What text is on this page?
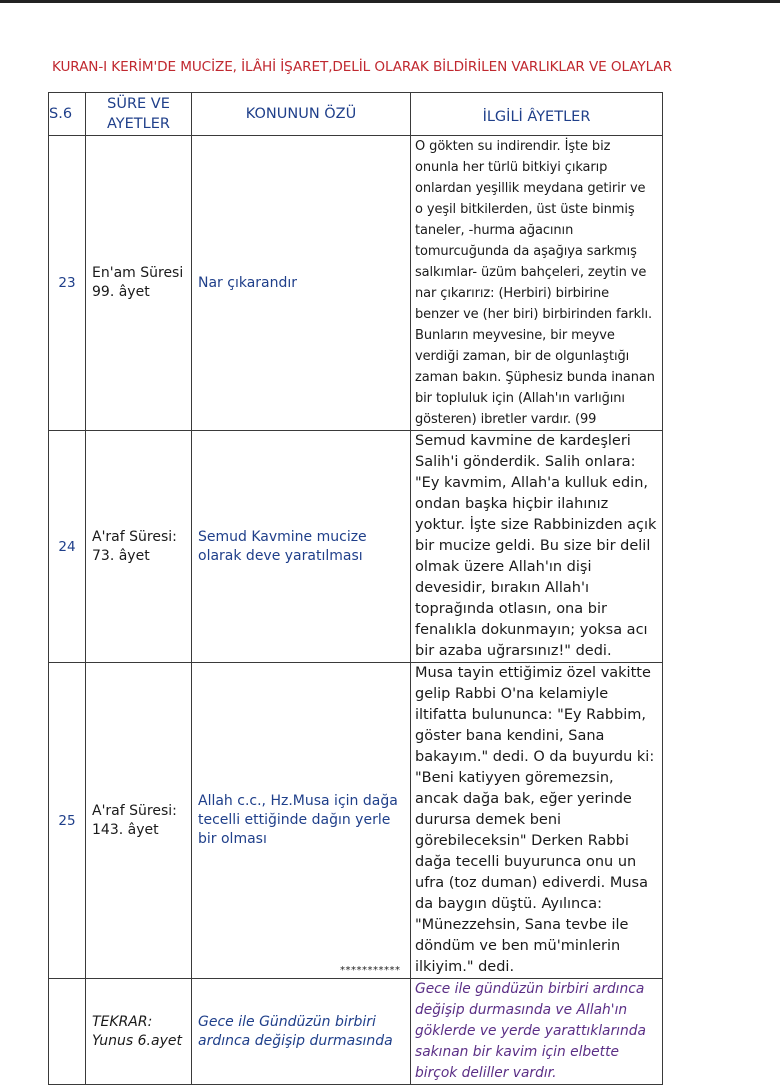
KURAN-I KERİM'DE MUCİZE, İLÂHİ İŞARET,DELİL OLARAK BİLDİRİLEN VARLIKLAR VE OLAYLAR
S.6	SÜRE VE AYETLER	KONUNUN ÖZÜ	İLGİLİ ÂYETLER
23	En'am Süresi 99. âyet	Nar çıkarandır	O gökten su indirendir. İşte biz onunla her türlü bitkiyi çıkarıp onlardan yeşillik meydana getirir ve o yeşil bitkilerden, üst üste binmiş taneler, -hurma ağacının tomurcuğunda da aşağıya sarkmış salkımlar- üzüm bahçeleri, zeytin ve nar çıkarırız: (Herbiri) birbirine benzer ve (her biri) birbirinden farklı. Bunların meyvesine, bir meyve verdiği zaman, bir de olgunlaştığı zaman bakın. Şüphesiz bunda inanan bir topluluk için (Allah'ın varlığını gösteren) ibretler vardır. (99
24	A'raf Süresi: 73. âyet	Semud Kavmine mucize olarak deve yaratılması	Semud kavmine de kardeşleri Salih'i gönderdik. Salih onlara: "Ey kavmim, Allah'a kulluk edin, ondan başka hiçbir ilahınız yoktur. İşte size Rabbinizden açık bir mucize geldi. Bu size bir delil olmak üzere Allah'ın dişi devesidir, bırakın Allah'ı toprağında otlasın, ona bir fenalıkla dokunmayın; yoksa acı bir azaba uğrarsınız!" dedi.
25	A'raf Süresi: 143. âyet	Allah c.c., Hz.Musa için dağa tecelli ettiğinde dağın yerle bir olması	Musa tayin ettiğimiz özel vakitte gelip Rabbi O'na kelamiyle iltifatta bulununca: "Ey Rabbim, göster bana kendini, Sana bakayım." dedi. O da buyurdu ki: "Beni katiyyen göremezsin, ancak dağa bak, eğer yerinde durursa demek beni görebileceksin" Derken Rabbi dağa tecelli buyurunca onu un ufra (toz duman) ediverdi. Musa da baygın düştü. Ayılınca: "Münezzehsin, Sana tevbe ile döndüm ve ben mü'minlerin ilkiyim." dedi.
	TEKRAR: Yunus 6.ayet	Gece ile Gündüzün birbiri ardınca değişip durmasında	Gece ile gündüzün birbiri ardınca değişip durmasında ve Allah'ın göklerde ve yerde yarattıklarında sakınan bir kavim için elbette birçok deliller vardır.
***********
